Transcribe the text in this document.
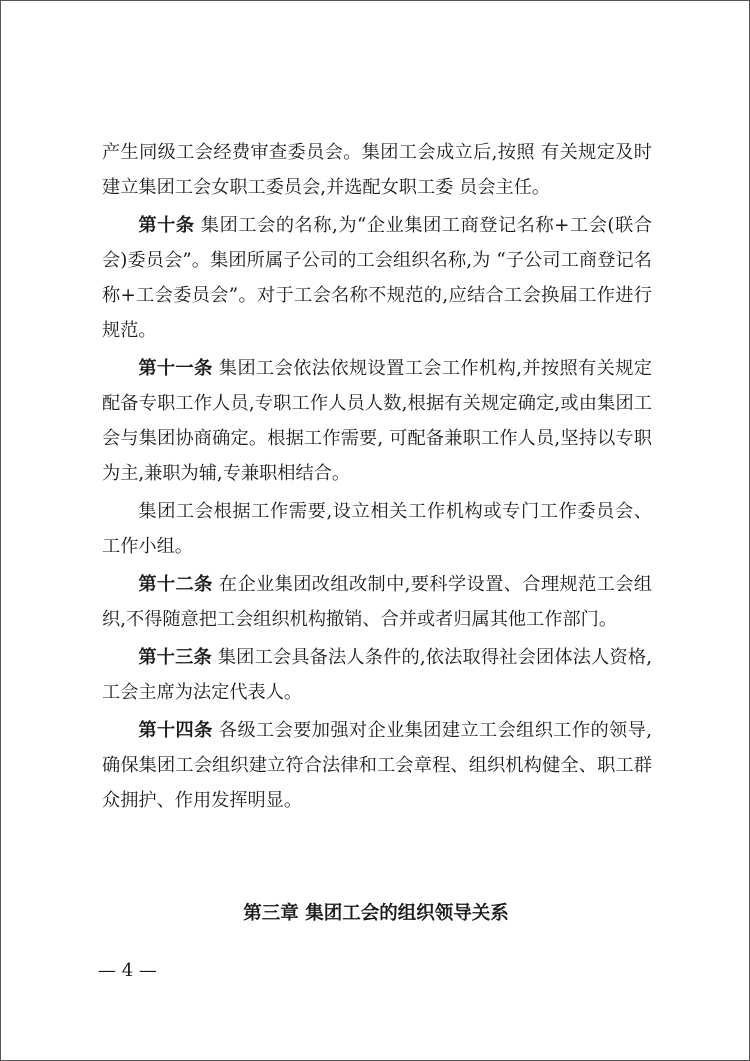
产生同级工会经费审查委员会。集团工会成立后,按照 有关规定及时建立集团工会女职工委员会,并选配女职工委 员会主任。

第十条 集团工会的名称,为“企业集团工商登记名称+工会(联合会)委员会”。集团所属子公司的工会组织名称,为 “子公司工商登记名称+工会委员会”。对于工会名称不规范的,应结合工会换届工作进行规范。

第十一条 集团工会依法依规设置工会工作机构,并按照有关规定配备专职工作人员,专职工作人员人数,根据有关规定确定,或由集团工会与集团协商确定。根据工作需要, 可配备兼职工作人员,坚持以专职为主,兼职为辅,专兼职相结合。

集团工会根据工作需要,设立相关工作机构或专门工作委员会、工作小组。

第十二条 在企业集团改组改制中,要科学设置、合理规范工会组织,不得随意把工会组织机构撤销、合并或者归属其他工作部门。

第十三条 集团工会具备法人条件的,依法取得社会团体法人资格,工会主席为法定代表人。

第十四条 各级工会要加强对企业集团建立工会组织工作的领导,确保集团工会组织建立符合法律和工会章程、组织机构健全、职工群众拥护、作用发挥明显。

第三章 集团工会的组织领导关系
— 4 —
